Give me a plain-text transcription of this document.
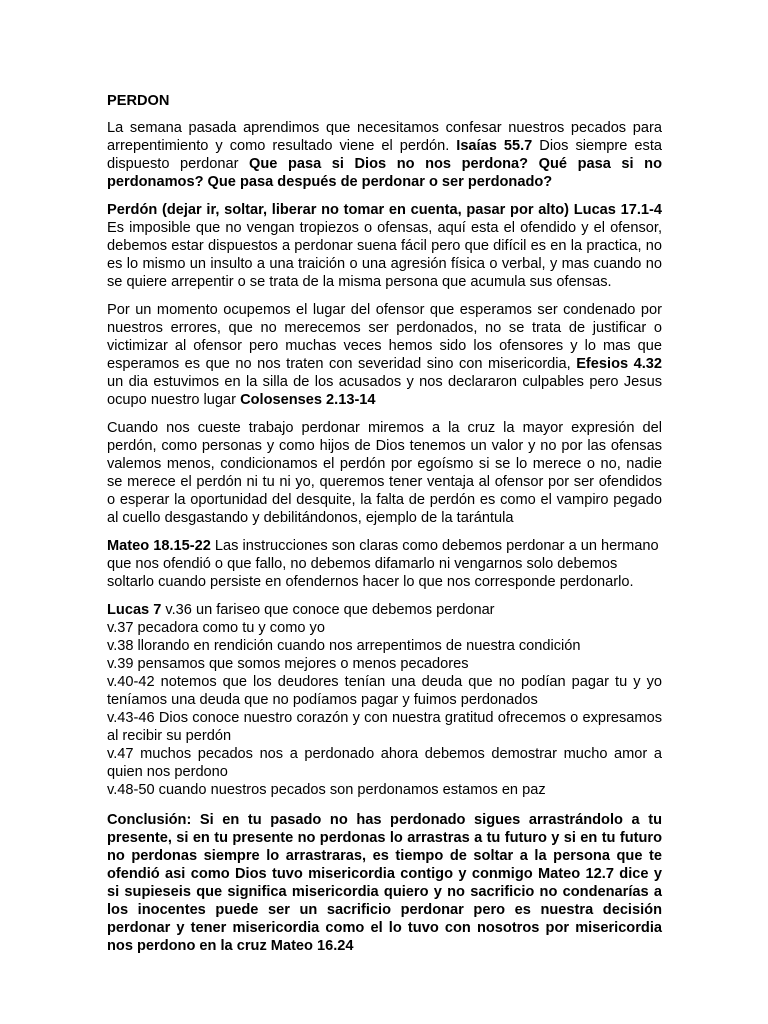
PERDON

La semana pasada aprendimos que necesitamos confesar nuestros pecados para arrepentimiento y como resultado viene el perdón. Isaías 55.7 Dios siempre esta dispuesto perdonar Que pasa si Dios no nos perdona? Qué pasa si no perdonamos? Que pasa después de perdonar o ser perdonado?

Perdón (dejar ir, soltar, liberar no tomar en cuenta, pasar por alto) Lucas 17.1-4 Es imposible que no vengan tropiezos o ofensas, aquí esta el ofendido y el ofensor, debemos estar dispuestos a perdonar suena fácil pero que difícil es en la practica, no es lo mismo un insulto a una traición o una agresión física o verbal, y mas cuando no se quiere arrepentir o se trata de la misma persona que acumula sus ofensas.

Por un momento ocupemos el lugar del ofensor que esperamos ser condenado por nuestros errores, que no merecemos ser perdonados, no se trata de justificar o victimizar al ofensor pero muchas veces hemos sido los ofensores y lo mas que esperamos es que no nos traten con severidad sino con misericordia, Efesios 4.32 un dia estuvimos en la silla de los acusados y nos declararon culpables pero Jesus ocupo nuestro lugar Colosenses 2.13-14

Cuando nos cueste trabajo perdonar miremos a la cruz la mayor expresión del perdón, como personas y como hijos de Dios tenemos un valor y no por las ofensas valemos menos, condicionamos el perdón por egoísmo si se lo merece o no, nadie se merece el perdón ni tu ni yo, queremos tener ventaja al ofensor por ser ofendidos o esperar la oportunidad del desquite, la falta de perdón es como el vampiro pegado al cuello desgastando y debilitándonos, ejemplo de la tarántula

Mateo 18.15-22 Las instrucciones son claras como debemos perdonar a un hermano que nos ofendió o que fallo, no debemos difamarlo ni vengarnos solo debemos soltarlo cuando persiste en ofendernos hacer lo que nos corresponde perdonarlo.

Lucas 7 v.36 un fariseo que conoce que debemos perdonar
v.37 pecadora como tu y como yo
v.38 llorando en rendición cuando nos arrepentimos de nuestra condición
v.39 pensamos que somos mejores o menos pecadores
v.40-42 notemos que los deudores tenían una deuda que no podían pagar tu y yo teníamos una deuda que no podíamos pagar y fuimos perdonados
v.43-46 Dios conoce nuestro corazón y con nuestra gratitud ofrecemos o expresamos al recibir su perdón
v.47 muchos pecados nos a perdonado ahora debemos demostrar mucho amor a quien nos perdono
v.48-50 cuando nuestros pecados son perdonamos estamos en paz

Conclusión: Si en tu pasado no has perdonado sigues arrastrándolo a tu presente, si en tu presente no perdonas lo arrastras a tu futuro y si en tu futuro no perdonas siempre lo arrastraras, es tiempo de soltar a la persona que te ofendió asi como Dios tuvo misericordia contigo y conmigo Mateo 12.7 dice y si supieseis que significa misericordia quiero y no sacrificio no condenarías a los inocentes puede ser un sacrificio perdonar pero es nuestra decisión perdonar y tener misericordia como el lo tuvo con nosotros por misericordia nos perdono en la cruz Mateo 16.24
